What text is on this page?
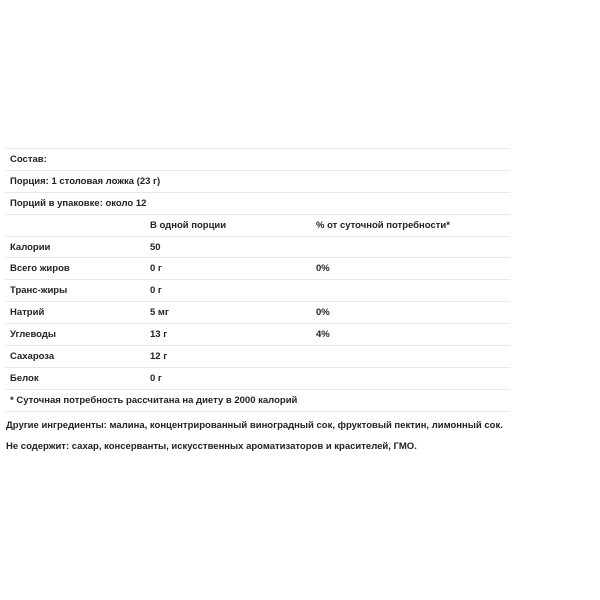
Состав:		
Порция: 1 столовая ложка (23 г)		
Порций в упаковке: около 12		
	В одной порции	% от суточной потребности*
Калории	50	
Всего жиров	0 г	0%
Транс-жиры	0 г	
Натрий	5 мг	0%
Углеводы	13 г	4%
Сахароза	12 г	
Белок	0 г	
* Суточная потребность рассчитана на диету в 2000 калорий		
Другие ингредиенты: малина, концентрированный виноградный сок, фруктовый пектин, лимонный сок.
Не содержит: сахар, консерванты, искусственных ароматизаторов и красителей, ГМО.
